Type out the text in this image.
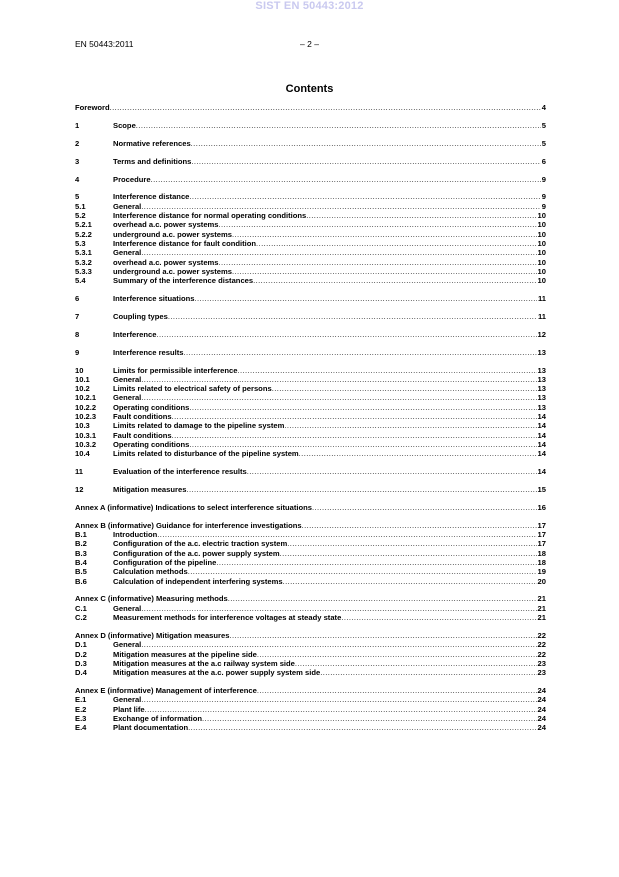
SIST EN 50443:2012
EN 50443:2011	– 2 –
Contents
Foreword .....	4
1	Scope .....	5
2	Normative references .....	5
3	Terms and definitions .....	6
4	Procedure .....	9
5	Interference distance .....	9
5.1	General .....	9
5.2	Interference distance for normal operating conditions .....	10
5.2.1	overhead a.c. power systems .....	10
5.2.2	underground a.c. power systems .....	10
5.3	Interference distance for fault condition .....	10
5.3.1	General .....	10
5.3.2	overhead a.c. power systems .....	10
5.3.3	underground a.c. power systems .....	10
5.4	Summary of the interference distances .....	10
6	Interference situations .....	11
7	Coupling types .....	11
8	Interference .....	12
9	Interference results .....	13
10	Limits for permissible interference .....	13
10.1	General .....	13
10.2	Limits related to electrical safety of persons .....	13
10.2.1	General .....	13
10.2.2	Operating conditions .....	13
10.2.3	Fault conditions .....	14
10.3	Limits related to damage to the pipeline system .....	14
10.3.1	Fault conditions .....	14
10.3.2	Operating conditions .....	14
10.4	Limits related to disturbance of the pipeline system .....	14
11	Evaluation of the interference results .....	14
12	Mitigation measures .....	15
Annex A (informative) Indications to select interference situations .....	16
Annex B (informative) Guidance for interference investigations .....	17
B.1	Introduction .....	17
B.2	Configuration of the a.c. electric traction system .....	17
B.3	Configuration of the a.c. power supply system .....	18
B.4	Configuration of the pipeline .....	18
B.5	Calculation methods .....	19
B.6	Calculation of independent interfering systems .....	20
Annex C (informative) Measuring methods .....	21
C.1	General .....	21
C.2	Measurement methods for interference voltages at steady state .....	21
Annex D (informative) Mitigation measures .....	22
D.1	General .....	22
D.2	Mitigation measures at the pipeline side .....	22
D.3	Mitigation measures at the a.c railway system side .....	23
D.4	Mitigation measures at the a.c. power supply system side .....	23
Annex E (informative) Management of interference .....	24
E.1	General .....	24
E.2	Plant life .....	24
E.3	Exchange of information .....	24
E.4	Plant documentation .....	24
